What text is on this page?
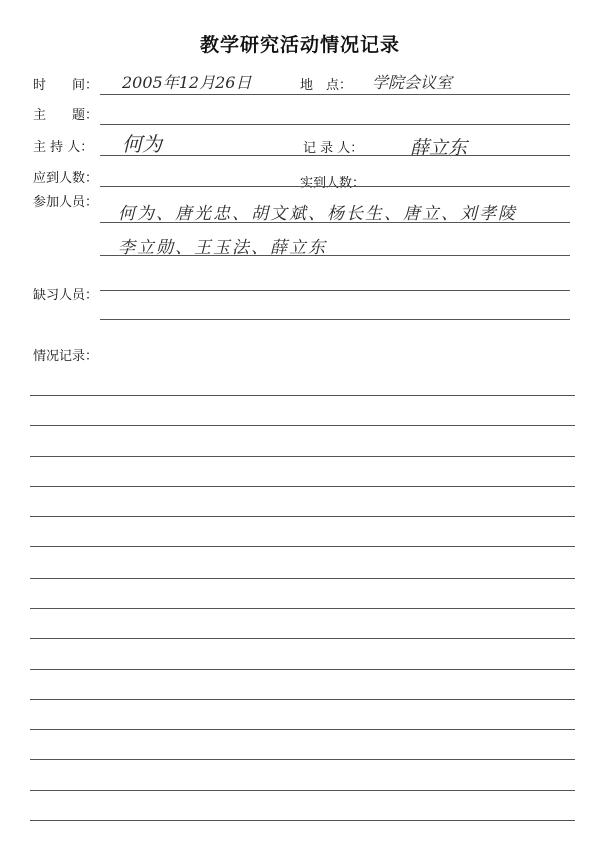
教学研究活动情况记录
时　　间： 2005年12月26日	地　点： 学院会议室
主　　题：
主 持 人： 何为	记 录 人： 薛立东
应到人数：	实到人数：
参加人员：
何为、唐光忠、胡文斌、杨长生、唐立、刘孝陵
李立勋、王玉法、薛立东
缺习人员：
情况记录：
